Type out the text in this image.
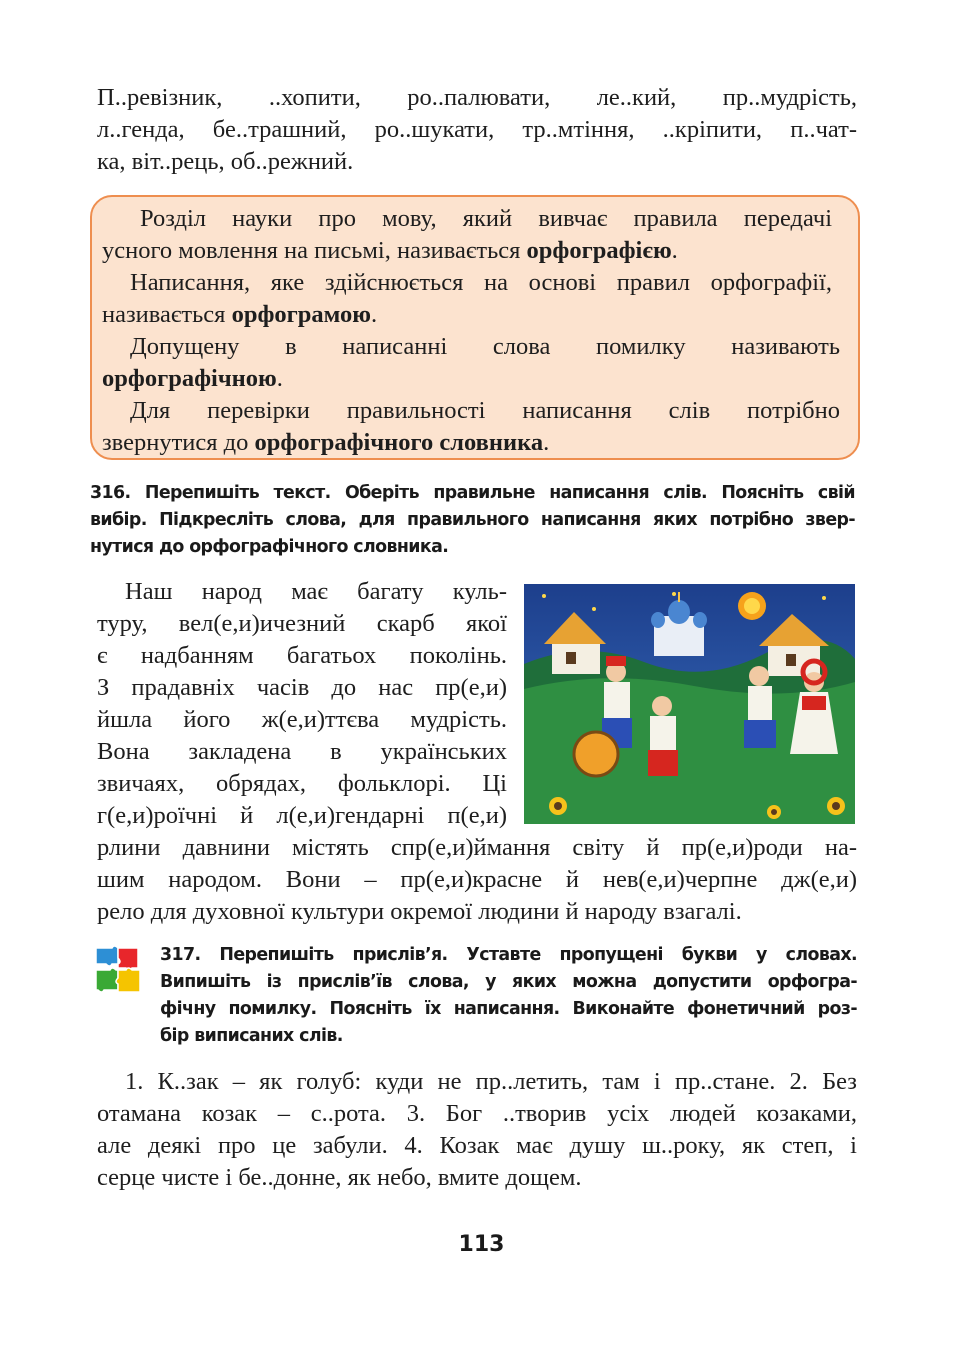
П..ревізник, ..хопити, ро..палювати, ле..кий, пр..мудрість,
л..генда, бе..трашний, ро..шукати, тр..мтіння, ..кріпити, п..чат-
ка, віт..рець, об..режний.
Розділ науки про мову, який вивчає правила передачі
усного мовлення на письмі, називається орфографією.
Написання, яке здійснюється на основі правил орфографії,
називається орфограмою.
Допущену в написанні слова помилку називають
орфографічною.
Для перевірки правильності написання слів потрібно
звернутися до орфографічного словника.
316. Перепишіть текст. Оберіть правильне написання слів. Поясніть свій
вибір. Підкресліть слова, для правильного написання яких потрібно звер-
нутися до орфографічного словника.
Наш народ має багату куль-
туру, вел(е,и)ичезний скарб якої
є надбанням багатьох поколінь.
З прадавніх часів до нас пр(е,и)
йшла його ж(е,и)ттєва мудрість.
Вона закладена в українських
звичаях, обрядах, фольклорі. Ці
г(е,и)роїчні й л(е,и)гендарні п(е,и)
рлини давнини містять спр(е,и)ймання світу й пр(е,и)роди на-
шим народом. Вони – пр(е,и)красне й нев(е,и)черпне дж(е,и)
рело для духовної культури окремої людини й народу взагалі.
317. Перепишіть прислів’я. Уставте пропущені букви у словах.
Випишіть із прислів’їв слова, у яких можна допустити орфогра-
фічну помилку. Поясніть їх написання. Виконайте фонетичний роз-
бір виписаних слів.
1. К..зак – як голуб: куди не пр..летить, там і пр..стане. 2. Без
отамана козак – с..рота. 3. Бог ..творив усіх людей козаками,
але деякі про це забули. 4. Козак має душу ш..року, як степ, і
серце чисте і бе..донне, як небо, вмите дощем.
113
